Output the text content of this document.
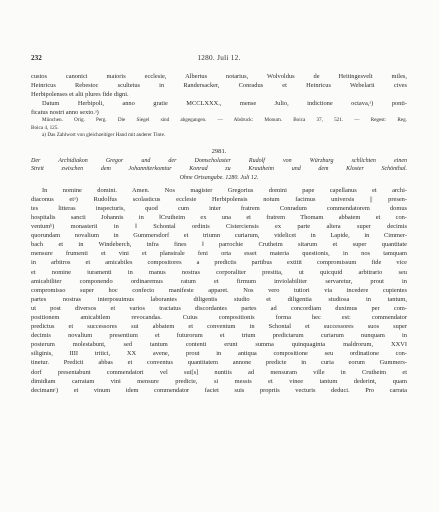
232	1280. Juli 12.
custos canonici maioris ecclesie, Albertus notarius, Wolvoldus de Heitingesvelt miles,
Heinricus Rebestoc scultetus in Randersacker, Conradus et Heinricus Webelarii cives
Herbipolenses et alii plures fide digni.
Datum Herbipoli, anno gratie MCCLXXX., mense Julio, indictione octava,ᵃ) ponti-
ficatus nostri anno sexto.ᵃ)
München. Orig. Perg. Die Siegel sind abgegangen. — Abdruck: Monum. Boica 37, 521. — Regest: Reg.
Boica 4, 125.
a) Das Zahlwort von gleichzeitiger Hand mit anderer Tinte.
2981.
Der Archidiakon Gregor und der Domscholaster Rudolf von Würzburg schlichten einen
Streit zwischen dem Johanniterkomtur Konrad zu Krautheim und dem Kloster Schönthal.
Ohne Ortsangabe. 1280. Juli 12.
In nomine domini. Amen. Nos magister Gregorius domini pape capellanus et archi-
diaconus etᵃ) Rudolfus scolasticus ecclesie Herbipolensis notum facimus universis || presen-
tes litteras inspecturis, quod cum inter fratrem Conradum commendatorem domus
hospitalis sancti Johannis in ‖Crutheim ex una et fratrem Thomam abbatem et con-
ventumᵇ) monasterii in ‖ Schontal ordinis Cisterciensis ex parte altera super decimis
quorundam novalium in Gummersdorf et triumn curiarum, videlicet in Lapide, in Cimmer-
bach et in Windeberch, infra fines ‖ parrochie Crutheim sitarum et super quantitate
mensure frumenti et vini et planstrale feni orta esset materia questionis, in nos tamquam
in arbitros et amicabiles compositores a predictis partibus extitit compromissum fide vice
et nomine iuramenti in manus nostras corporaliter prestita, ut quicquid arbitrario seu
amicabiliter componendo ordinaremus ratum et firmum inviolabiliter servaretur, prout in
compromisso super hoc confecto manifeste apparet. Nos vero tutiori via incedere cupientes
partes nostras interposuimus laborantes diligentis studio et diligentia studiosa in tantum,
ut post diversos et varios tractatus discordantes partes ad concordiam duximus per com-
positionem amicabilem revocandas. Cuius compositionis forma hec est: commendator
predictus et successores sui abbatem et conventum in Schontal et successores suos super
decimis novalium presentium et futurorum et trium predictarum curiarum nunquam in
posterum molestabunt, sed tantum contenti erunt summa quinquaginta maldrorum, XXVI
siliginis, IIII tritici, XX avene, prout in antiqua compositione seu ordinatione con-
tinetur. Predicti abbas et conventus quantitatem annone predicte in curia eorum Gummers-
dorf presentabunt commendatori vel sui[s] nuntiis ad mensuram ville in Crutheim et
dimidiam carratam vini mensure predicte, si messis et vinee tantum dederint, quam
decimamᶜ) et vinum idem commendator faciet suis propriis vecturis deduci. Pro carrata
